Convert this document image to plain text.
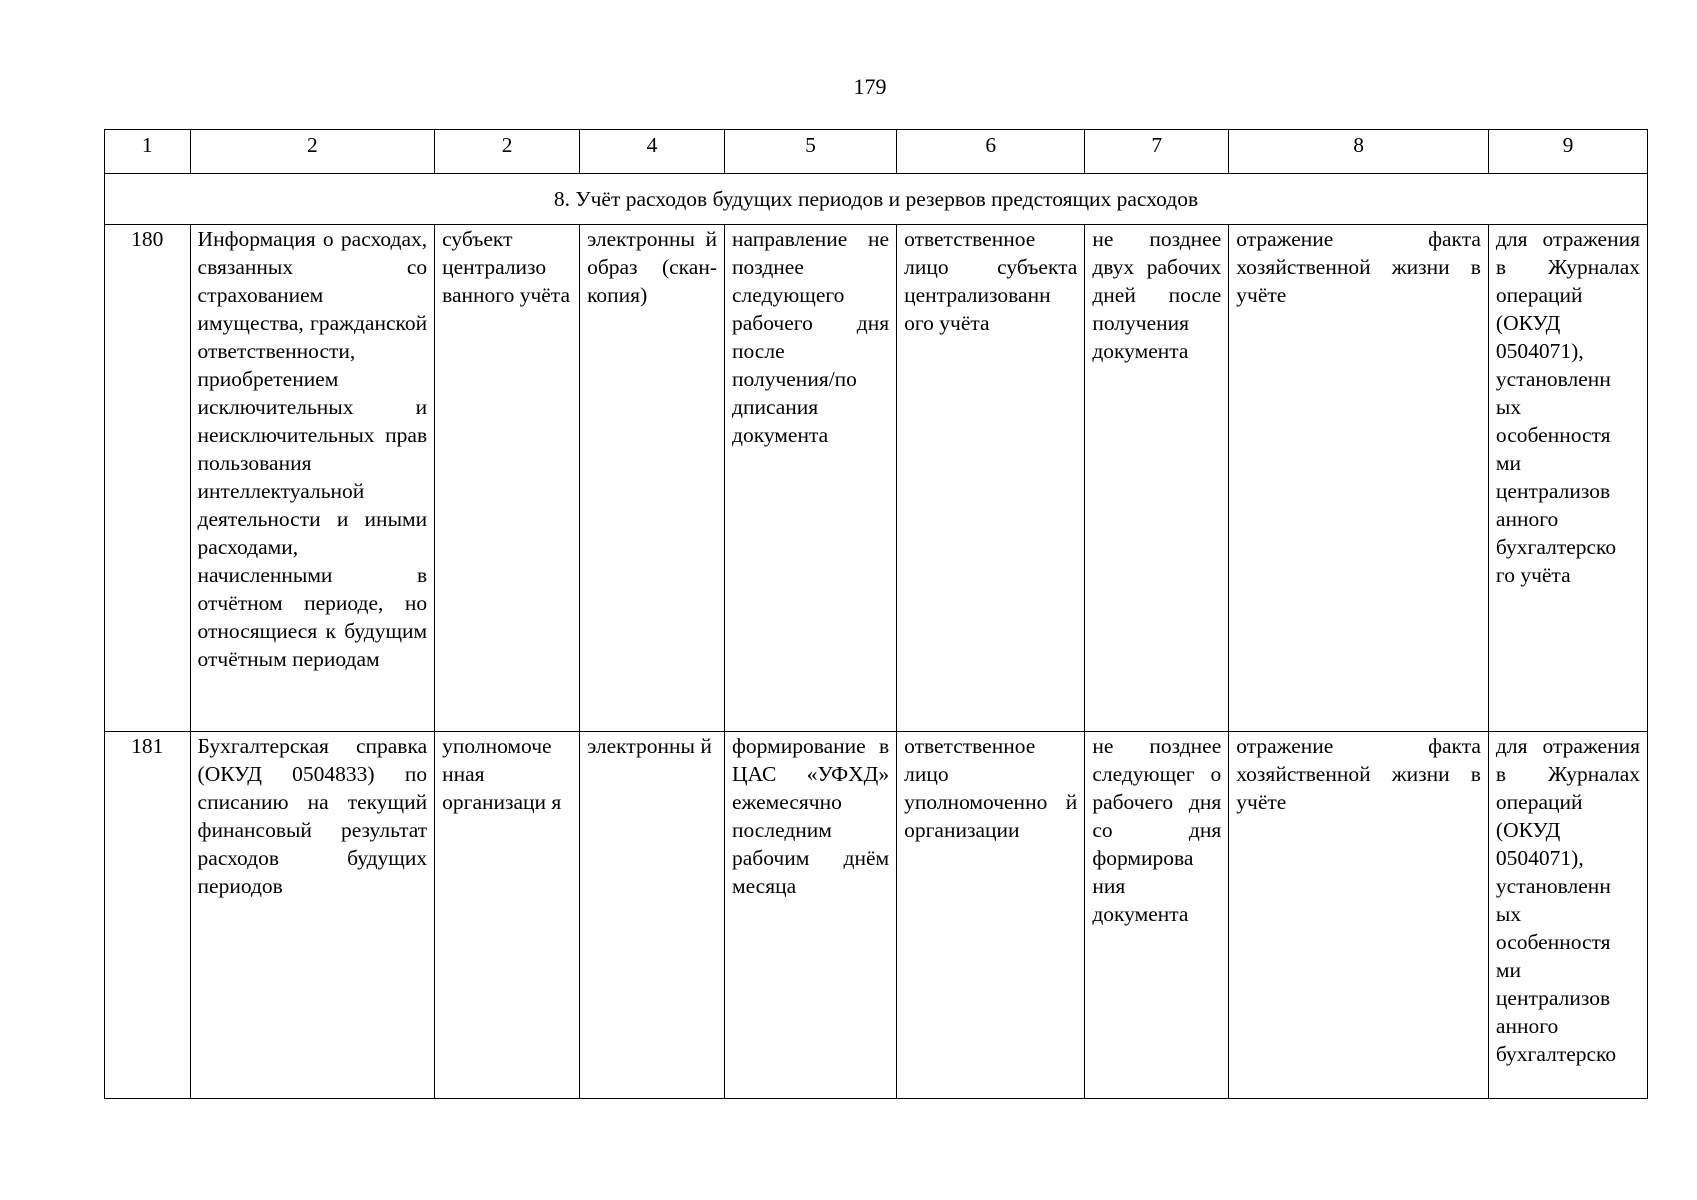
179
1	2	2	4	5	6	7	8	9
8. Учёт расходов будущих периодов и резервов предстоящих расходов								
180	Информация о расходах, связанных со страхованием имущества, гражданской ответственности, приобретением исключительных и неисключительных прав пользования интеллектуальной деятельности и иными расходами, начисленными в отчётном периоде, но относящиеся к будущим отчётным периодам	субъект централизо ванного учёта	электронны й образ (скан-копия)	направление не позднее следующего рабочего дня после получения/по дписания документа	ответственное лицо субъекта централизованн ого учёта	не позднее двух рабочих дней после получения документа	отражение факта хозяйственной жизни в учёте	для отражения в Журналах операций (ОКУД 0504071), установленн ых особенностя ми централизов анного бухгалтерско го учёта
181	Бухгалтерская справка (ОКУД 0504833) по списанию на текущий финансовый результат расходов будущих периодов	уполномоче нная организаци я	электронны й	формирование в ЦАС «УФХД» ежемесячно последним рабочим днём месяца	ответственное лицо уполномоченно й организации	не позднее следующег о рабочего дня со дня формирова ния документа	отражение факта хозяйственной жизни в учёте	для отражения в Журналах операций (ОКУД 0504071), установленн ых особенностя ми централизов анного бухгалтерско
